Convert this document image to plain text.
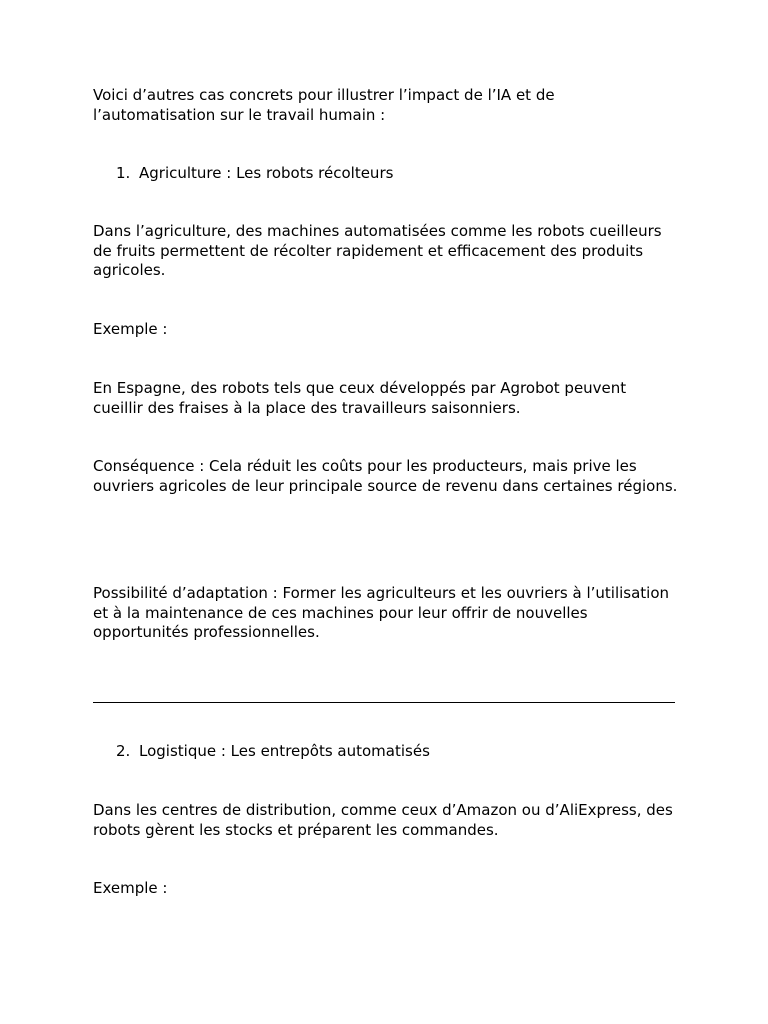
Voici d’autres cas concrets pour illustrer l’impact de l’IA et de l’automatisation sur le travail humain :

1. Agriculture : Les robots récolteurs

Dans l’agriculture, des machines automatisées comme les robots cueilleurs de fruits permettent de récolter rapidement et efficacement des produits agricoles.

Exemple :

En Espagne, des robots tels que ceux développés par Agrobot peuvent cueillir des fraises à la place des travailleurs saisonniers.

Conséquence : Cela réduit les coûts pour les producteurs, mais prive les ouvriers agricoles de leur principale source de revenu dans certaines régions.

Possibilité d’adaptation : Former les agriculteurs et les ouvriers à l’utilisation et à la maintenance de ces machines pour leur offrir de nouvelles opportunités professionnelles.

2. Logistique : Les entrepôts automatisés

Dans les centres de distribution, comme ceux d’Amazon ou d’AliExpress, des robots gèrent les stocks et préparent les commandes.

Exemple :
